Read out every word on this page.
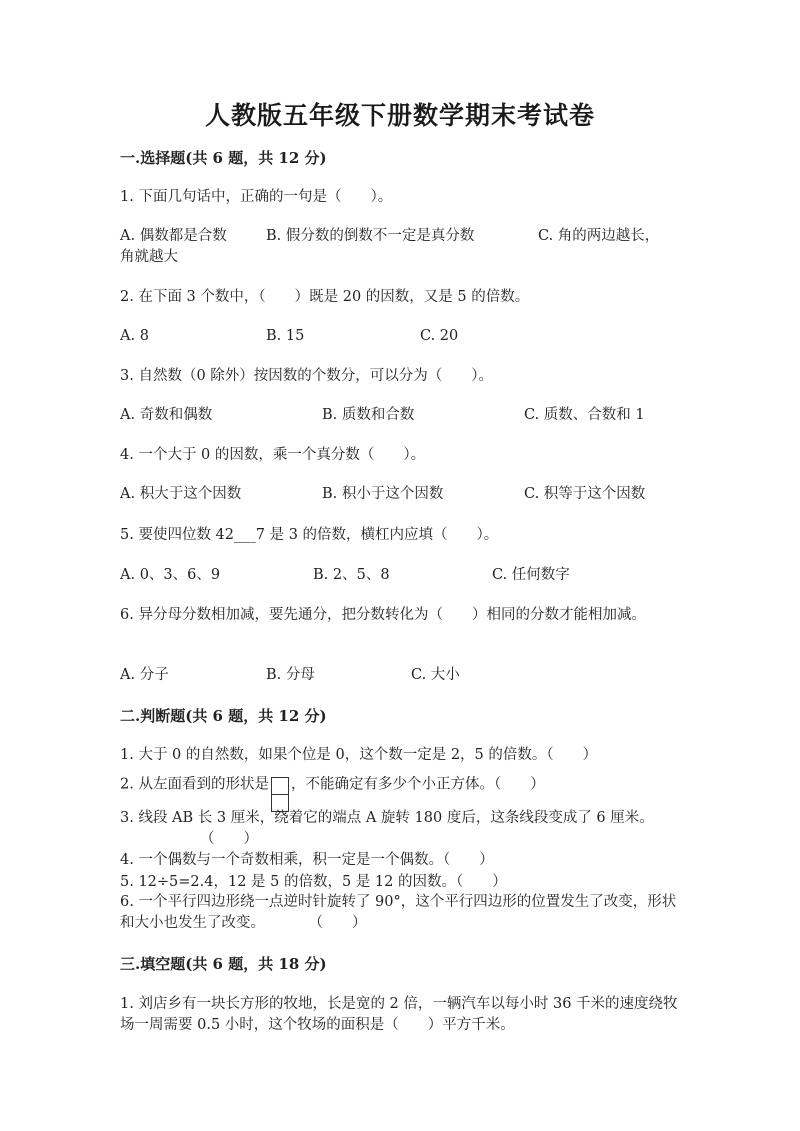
人教版五年级下册数学期末考试卷
一.选择题(共 6 题，共 12 分)
1. 下面几句话中，正确的一句是（　　）。
A. 偶数都是合数	B. 假分数的倒数不一定是真分数	C. 角的两边越长，
角就越大
2. 在下面 3 个数中，（　　）既是 20 的因数，又是 5 的倍数。
A. 8	B. 15	C. 20
3. 自然数（0 除外）按因数的个数分，可以分为（　　）。
A. 奇数和偶数	B. 质数和合数	C. 质数、合数和 1
4. 一个大于 0 的因数，乘一个真分数（　　）。
A. 积大于这个因数	B. 积小于这个因数	C. 积等于这个因数
5. 要使四位数 42___7 是 3 的倍数，横杠内应填（　　）。
A. 0、3、6、9	B. 2、5、8	C. 任何数字
6. 异分母分数相加减，要先通分，把分数转化为（　　）相同的分数才能相加减。
A. 分子	B. 分母	C. 大小
二.判断题(共 6 题，共 12 分)
1. 大于 0 的自然数，如果个位是 0，这个数一定是 2，5 的倍数。（　　）
2. 从左面看到的形状是 ，不能确定有多少个小正方体。（　　）
3. 线段 AB 长 3 厘米，绕着它的端点 A 旋转 180 度后，这条线段变成了 6 厘米。
（　　）
4. 一个偶数与一个奇数相乘，积一定是一个偶数。（　　）
5. 12÷5=2.4，12 是 5 的倍数，5 是 12 的因数。（　　）
6. 一个平行四边形绕一点逆时针旋转了 90°，这个平行四边形的位置发生了改变，形状和大小也发生了改变。　　　　（　　）
三.填空题(共 6 题，共 18 分)
1. 刘店乡有一块长方形的牧地，长是宽的 2 倍，一辆汽车以每小时 36 千米的速度绕牧场一周需要 0.5 小时，这个牧场的面积是（　　）平方千米。
